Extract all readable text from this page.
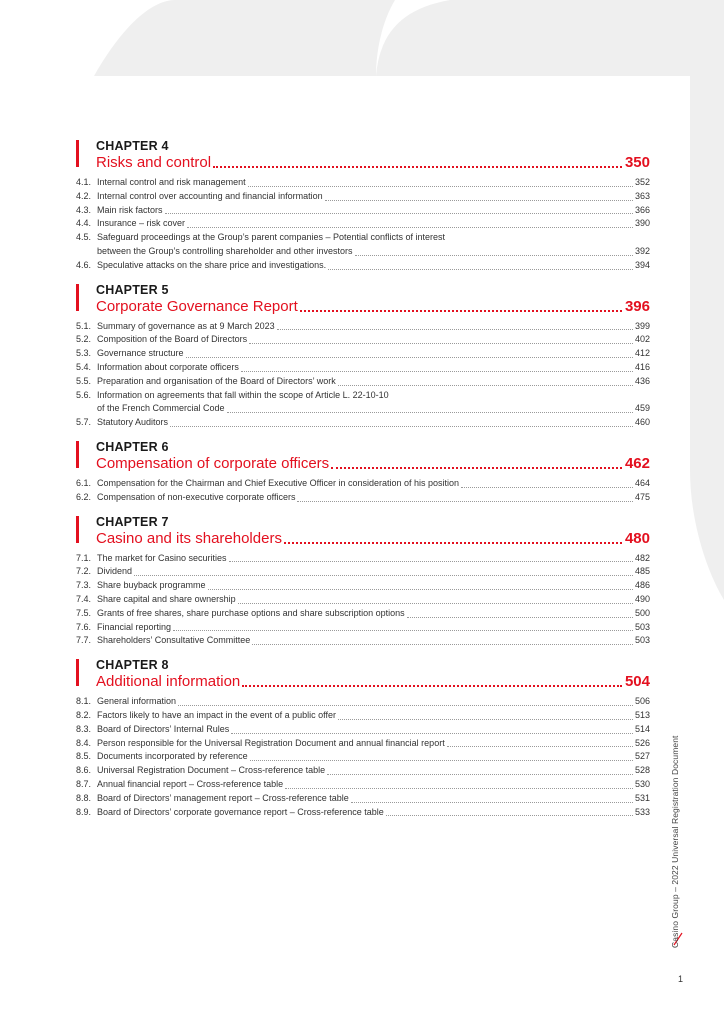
CHAPTER 4
Risks and control	350
4.1. Internal control and risk management	352
4.2. Internal control over accounting and financial information	363
4.3. Main risk factors	366
4.4. Insurance – risk cover	390
4.5. Safeguard proceedings at the Group’s parent companies – Potential conflicts of interest
between the Group’s controlling shareholder and other investors	392
4.6. Speculative attacks on the share price and investigations.	394
CHAPTER 5
Corporate Governance Report	396
5.1. Summary of governance as at 9 March 2023	399
5.2. Composition of the Board of Directors	402
5.3. Governance structure	412
5.4. Information about corporate officers	416
5.5. Preparation and organisation of the Board of Directors’ work	436
5.6. Information on agreements that fall within the scope of Article L. 22-10-10
of the French Commercial Code	459
5.7. Statutory Auditors	460
CHAPTER 6
Compensation of corporate officers	462
6.1. Compensation for the Chairman and Chief Executive Officer in consideration of his position	464
6.2. Compensation of non-executive corporate officers	475
CHAPTER 7
Casino and its shareholders	480
7.1. The market for Casino securities	482
7.2. Dividend	485
7.3. Share buyback programme	486
7.4. Share capital and share ownership	490
7.5. Grants of free shares, share purchase options and share subscription options	500
7.6. Financial reporting	503
7.7. Shareholders’ Consultative Committee	503
CHAPTER 8
Additional information	504
8.1. General information	506
8.2. Factors likely to have an impact in the event of a public offer	513
8.3. Board of Directors’ Internal Rules	514
8.4. Person responsible for the Universal Registration Document and annual financial report	526
8.5. Documents incorporated by reference	527
8.6. Universal Registration Document – Cross-reference table	528
8.7. Annual financial report – Cross-reference table	530
8.8. Board of Directors’ management report – Cross-reference table	531
8.9. Board of Directors’ corporate governance report – Cross-reference table	533 Casino Group – 2022 Universal Registration Document
1
